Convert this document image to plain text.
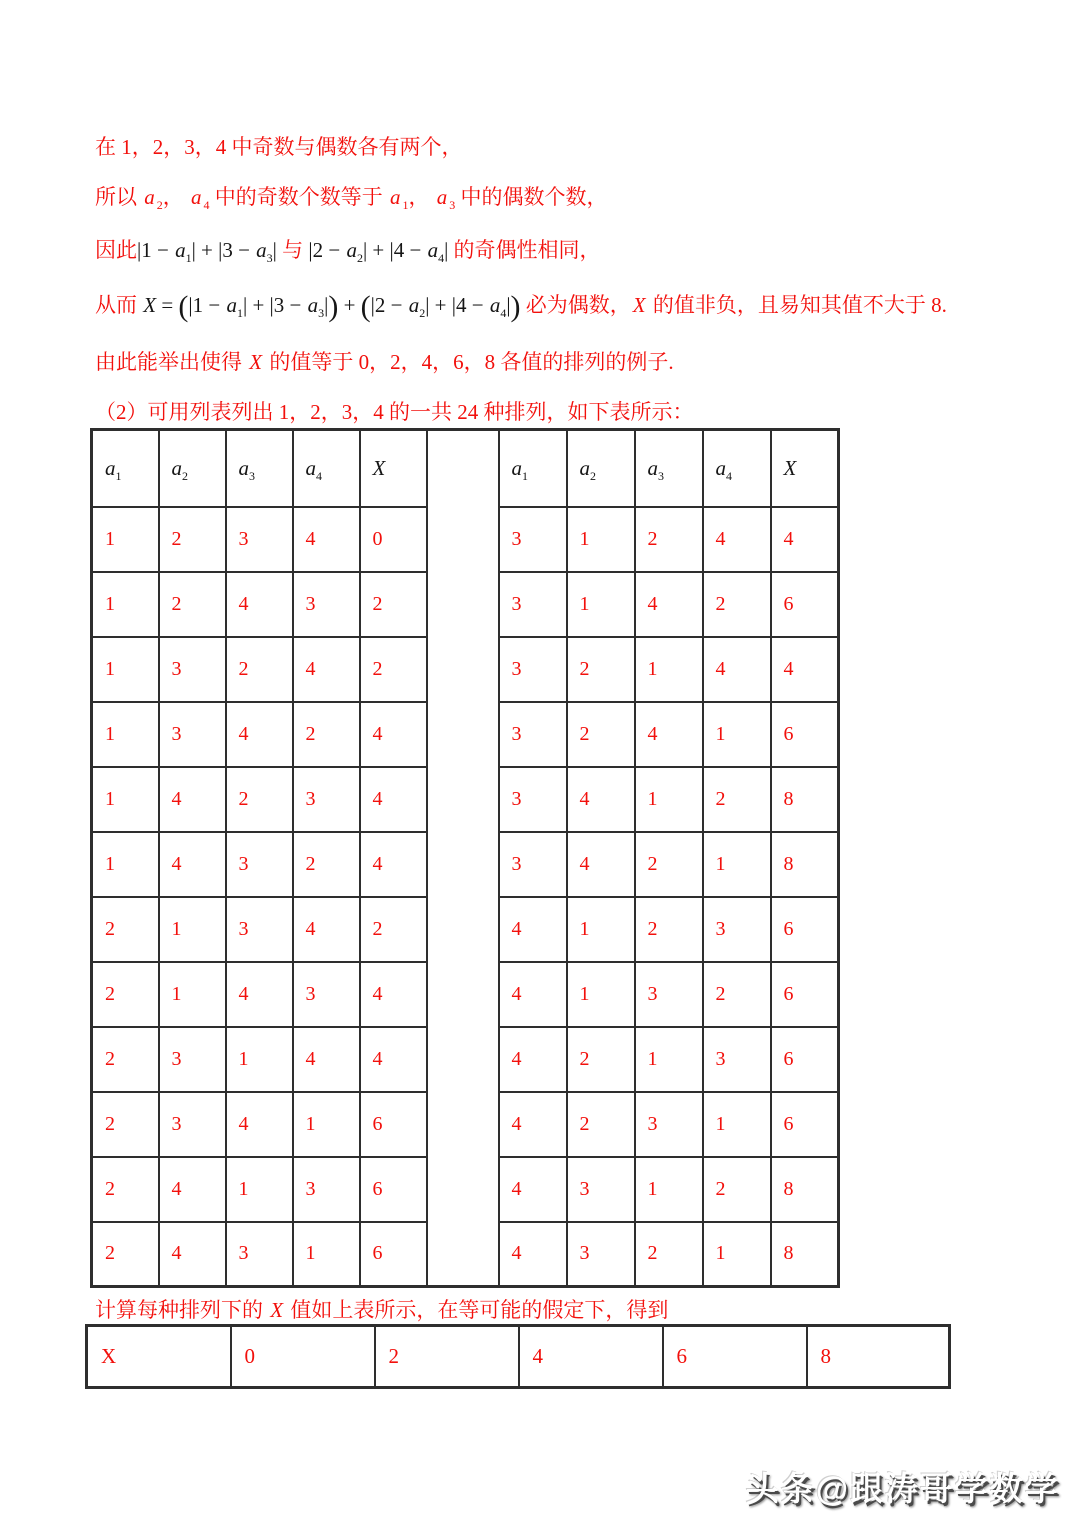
在 1，2，3，4 中奇数与偶数各有两个，
所以 a $_2$， a $_4$ 中的奇数个数等于 a $_1$， a $_3$ 中的偶数个数，
因此$|1 - a_1| + |3 - a_3|$ 与 $|2 - a_2| + |4 - a_4|$ 的奇偶性相同，
从而 $X = (|1 - a_1| + |3 - a_3|) + (|2 - a_2| + |4 - a_4|)$ 必为偶数，X 的值非负，且易知其值不大于 8.
由此能举出使得 X 的值等于 0，2，4，6，8 各值的排列的例子.
（2）可用列表列出 1，2，3，4 的一共 24 种排列，如下表所示：
$a_1$	$a_2$	$a_3$	$a_4$	X		$a_1$	$a_2$	$a_3$	$a_4$	X
1	2	3	4	0		3	1	2	4	4
1	2	4	3	2		3	1	4	2	6
1	3	2	4	2		3	2	1	4	4
1	3	4	2	4		3	2	4	1	6
1	4	2	3	4		3	4	1	2	8
1	4	3	2	4		3	4	2	1	8
2	1	3	4	2		4	1	2	3	6
2	1	4	3	4		4	1	3	2	6
2	3	1	4	4		4	2	1	3	6
2	3	4	1	6		4	2	3	1	6
2	4	1	3	6		4	3	1	2	8
2	4	3	1	6		4	3	2	1	8
计算每种排列下的 X 值如上表所示，在等可能的假定下，得到
X	0	2	4	6	8
头条@跟涛哥学数学
